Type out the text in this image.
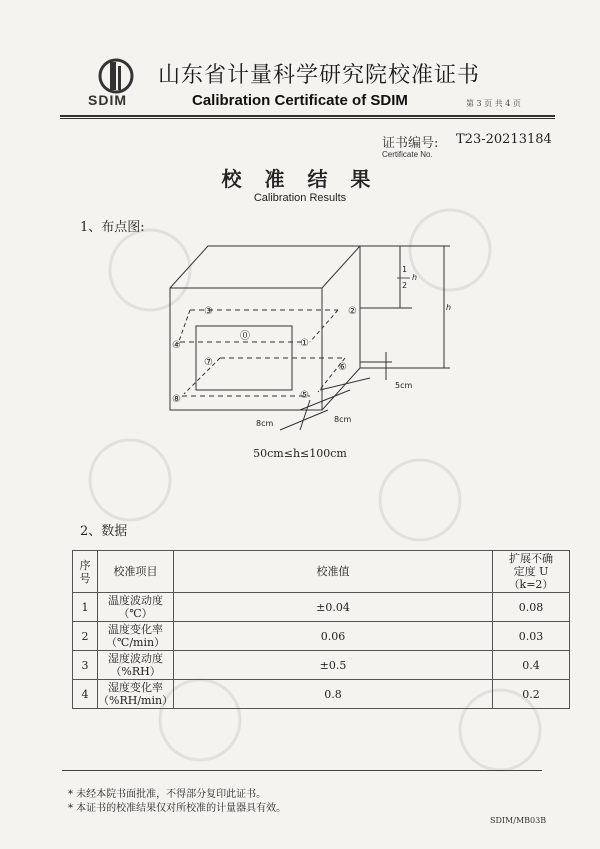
SDIM
山东省计量科学研究院校准证书
Calibration Certificate of SDIM	第 3 页 共 4 页
证书编号: T23-20213184
Certificate No.
校 准 结 果
Calibration Results
1、布点图:
②
③
④
⓪
①
⑦	⑥
⑤
⑧
1
2
h
h
5cm
8cm	8cm
50cm≤h≤100cm
2、数据
序
号	校准项目	校准值	扩展不确
定度 U
（k=2）
1	温度波动度
（℃）	±0.04	0.08
2	温度变化率
（℃/min）	0.06	0.03
3	湿度波动度
（%RH）	±0.5	0.4
4	湿度变化率
（%RH/min）	0.8	0.2
* 未经本院书面批准，不得部分复印此证书。
* 本证书的校准结果仅对所校准的计量器具有效。
SDIM/MB03B
